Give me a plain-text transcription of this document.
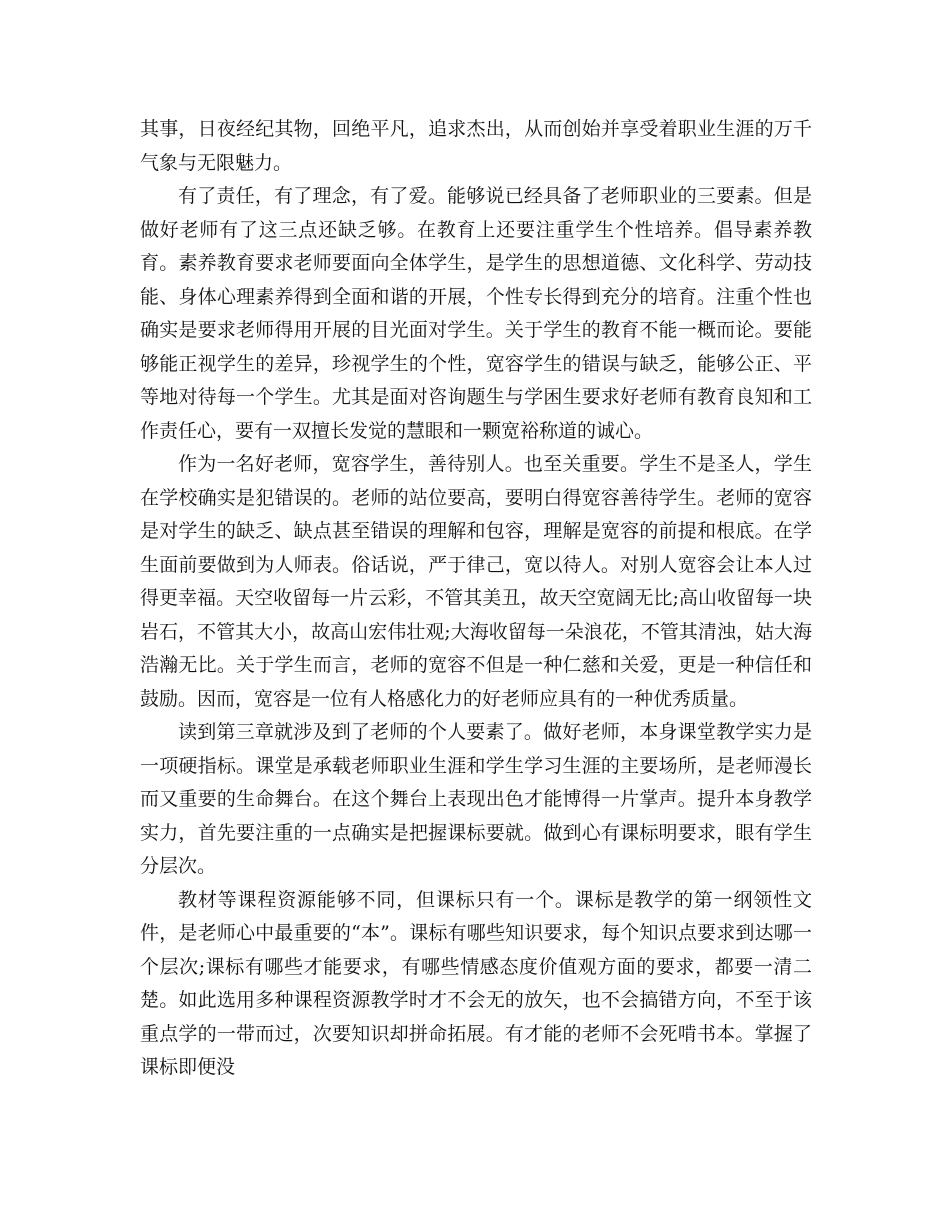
其事，日夜经纪其物，回绝平凡，追求杰出，从而创始并享受着职业生涯的万千气象与无限魅力。

有了责任，有了理念，有了爱。能够说已经具备了老师职业的三要素。但是做好老师有了这三点还缺乏够。在教育上还要注重学生个性培养。倡导素养教育。素养教育要求老师要面向全体学生，是学生的思想道德、文化科学、劳动技能、身体心理素养得到全面和谐的开展，个性专长得到充分的培育。注重个性也确实是要求老师得用开展的目光面对学生。关于学生的教育不能一概而论。要能够能正视学生的差异，珍视学生的个性，宽容学生的错误与缺乏，能够公正、平等地对待每一个学生。尤其是面对咨询题生与学困生要求好老师有教育良知和工作责任心，要有一双擅长发觉的慧眼和一颗宽裕称道的诚心。

作为一名好老师，宽容学生，善待别人。也至关重要。学生不是圣人，学生在学校确实是犯错误的。老师的站位要高，要明白得宽容善待学生。老师的宽容是对学生的缺乏、缺点甚至错误的理解和包容，理解是宽容的前提和根底。在学生面前要做到为人师表。俗话说，严于律己，宽以待人。对别人宽容会让本人过得更幸福。天空收留每一片云彩，不管其美丑，故天空宽阔无比;高山收留每一块岩石，不管其大小，故高山宏伟壮观;大海收留每一朵浪花，不管其清浊，姑大海浩瀚无比。关于学生而言，老师的宽容不但是一种仁慈和关爱，更是一种信任和鼓励。因而，宽容是一位有人格感化力的好老师应具有的一种优秀质量。

读到第三章就涉及到了老师的个人要素了。做好老师，本身课堂教学实力是一项硬指标。课堂是承载老师职业生涯和学生学习生涯的主要场所，是老师漫长而又重要的生命舞台。在这个舞台上表现出色才能博得一片掌声。提升本身教学实力，首先要注重的一点确实是把握课标要就。做到心有课标明要求，眼有学生分层次。

教材等课程资源能够不同，但课标只有一个。课标是教学的第一纲领性文件，是老师心中最重要的“本”。课标有哪些知识要求，每个知识点要求到达哪一个层次;课标有哪些才能要求，有哪些情感态度价值观方面的要求，都要一清二楚。如此选用多种课程资源教学时才不会无的放矢，也不会搞错方向，不至于该重点学的一带而过，次要知识却拼命拓展。有才能的老师不会死啃书本。掌握了课标即便没
